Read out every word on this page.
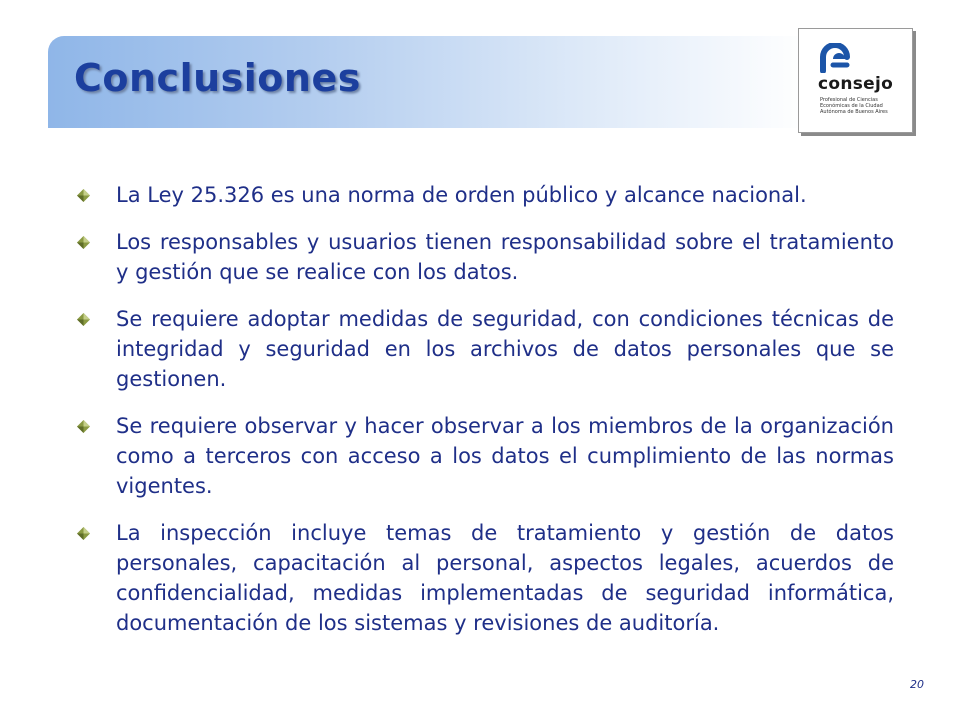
Conclusiones	consejo
Profesional de Ciencias
Económicas de la Ciudad
Autónoma de Buenos Aires
La Ley 25.326 es una norma de orden público y alcance nacional.
Los responsables y usuarios tienen responsabilidad sobre el tratamiento y gestión que se realice con los datos.
Se requiere adoptar medidas de seguridad, con condiciones técnicas de integridad y seguridad en los archivos de datos personales que se gestionen.
Se requiere observar y hacer observar a los miembros de la organización como a terceros con acceso a los datos el cumplimiento de las normas vigentes.
La inspección incluye temas de tratamiento y gestión de datos personales, capacitación al personal, aspectos legales, acuerdos de confidencialidad, medidas implementadas de seguridad informática, documentación de los sistemas y revisiones de auditoría.
20
